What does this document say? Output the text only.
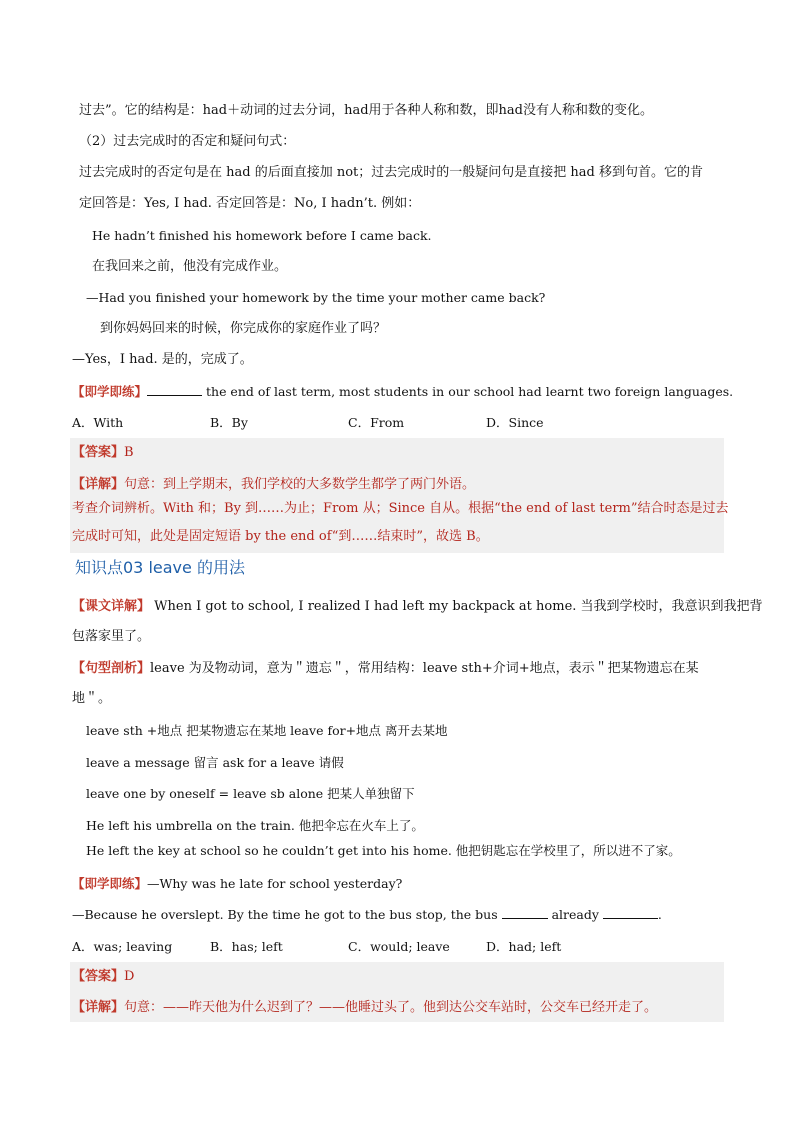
过去”。它的结构是：had＋动词的过去分词，had用于各种人称和数，即had没有人称和数的变化。
（2）过去完成时的否定和疑问句式：
过去完成时的否定句是在 had 的后面直接加 not；过去完成时的一般疑问句是直接把 had 移到句首。它的肯
定回答是：Yes, I had. 否定回答是：No, I hadn’t. 例如：
He hadn’t finished his homework before I came back.
在我回来之前，他没有完成作业。
—Had you finished your homework by the time your mother came back?
到你妈妈回来的时候，你完成你的家庭作业了吗？
—Yes，I had. 是的，完成了。
【即学即练】	the end of last term, most students in our school had learnt two foreign languages.
A．With	B．By	C．From	D．Since
【答案】B
【详解】句意：到上学期末，我们学校的大多数学生都学了两门外语。
考查介词辨析。With 和；By 到……为止；From 从；Since 自从。根据“the end of last term”结合时态是过去
完成时可知，此处是固定短语 by the end of“到……结束时”，故选 B。
知识点03 leave 的用法
【课文详解】 When I got to school, I realized I had left my backpack at home. 当我到学校时，我意识到我把背
包落家里了。
【句型剖析】leave 为及物动词，意为＂遗忘＂，常用结构：leave sth+介词+地点，表示＂把某物遗忘在某
地＂。
leave sth +地点 把某物遗忘在某地 leave for+地点 离开去某地
leave a message 留言 ask for a leave 请假
leave one by oneself = leave sb alone 把某人单独留下
He left his umbrella on the train. 他把伞忘在火车上了。
He left the key at school so he couldn’t get into his home. 他把钥匙忘在学校里了，所以进不了家。
【即学即练】—Why was he late for school yesterday?
—Because he overslept. By the time he got to the bus stop, the bus	already	.
A．was; leaving	B．has; left	C．would; leave	D．had; left
【答案】D
【详解】句意：——昨天他为什么迟到了？——他睡过头了。他到达公交车站时，公交车已经开走了。
